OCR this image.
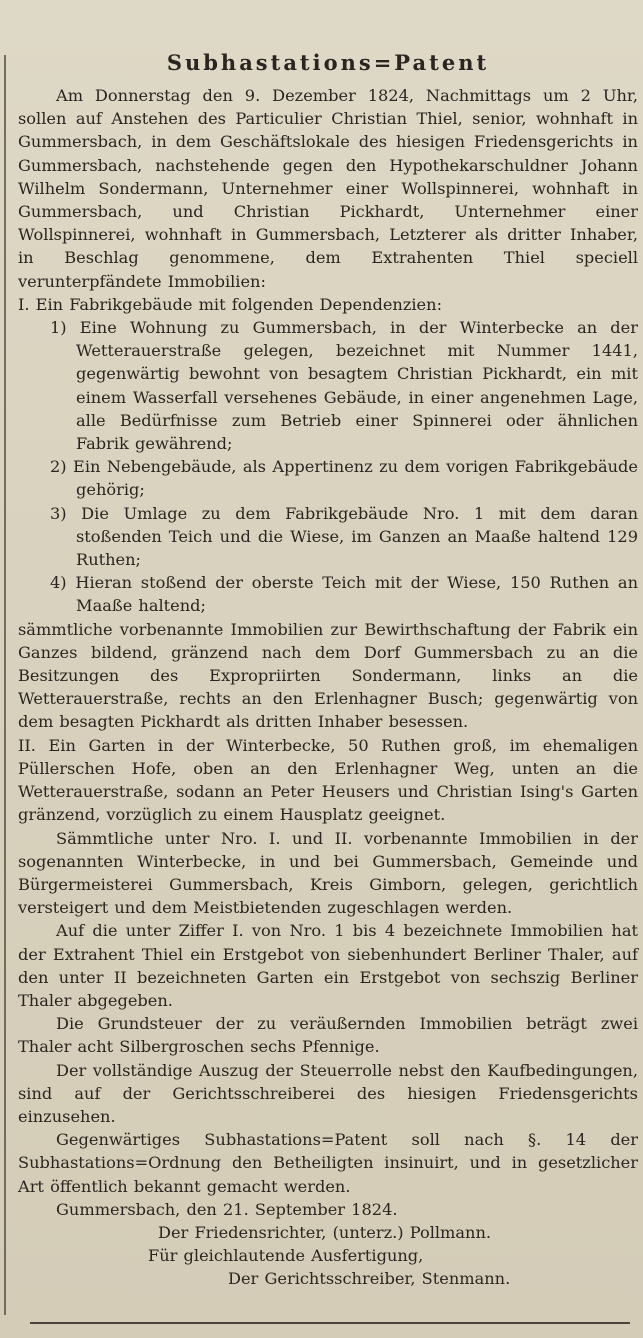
Subhastations=Patent

Am Donnerstag den 9. Dezember 1824, Nachmittags um 2 Uhr, sollen auf Anstehen des Particulier Christian Thiel, senior, wohnhaft in Gummersbach, in dem Geschäftslokale des hiesigen Friedensgerichts in Gummersbach, nachstehende gegen den Hypothekarschuldner Johann Wilhelm Sondermann, Unternehmer einer Wollspinnerei, wohnhaft in Gummersbach, und Christian Pickhardt, Unternehmer einer Wollspinnerei, wohnhaft in Gummersbach, Letzterer als dritter Inhaber, in Beschlag genommene, dem Extrahenten Thiel speciell verunterpfändete Immobilien:

I. Ein Fabrikgebäude mit folgenden Dependenzien:

1) Eine Wohnung zu Gummersbach, in der Winterbecke an der Wetterauerstraße gelegen, bezeichnet mit Nummer 1441, gegenwärtig bewohnt von besagtem Christian Pickhardt, ein mit einem Wasserfall versehenes Gebäude, in einer angenehmen Lage, alle Bedürfnisse zum Betrieb einer Spinnerei oder ähnlichen Fabrik gewährend;

2) Ein Nebengebäude, als Appertinenz zu dem vorigen Fabrikgebäude gehörig;

3) Die Umlage zu dem Fabrikgebäude Nro. 1 mit dem daran stoßenden Teich und die Wiese, im Ganzen an Maaße haltend 129 Ruthen;

4) Hieran stoßend der oberste Teich mit der Wiese, 150 Ruthen an Maaße haltend;

sämmtliche vorbenannte Immobilien zur Bewirthschaftung der Fabrik ein Ganzes bildend, gränzend nach dem Dorf Gummersbach zu an die Besitzungen des Expropriirten Sondermann, links an die Wetterauerstraße, rechts an den Erlenhagner Busch; gegenwärtig von dem besagten Pickhardt als dritten Inhaber besessen.

II. Ein Garten in der Winterbecke, 50 Ruthen groß, im ehemaligen Püllerschen Hofe, oben an den Erlenhagner Weg, unten an die Wetterauerstraße, sodann an Peter Heusers und Christian Ising's Garten gränzend, vorzüglich zu einem Hausplatz geeignet.

Sämmtliche unter Nro. I. und II. vorbenannte Immobilien in der sogenannten Winterbecke, in und bei Gummersbach, Gemeinde und Bürgermeisterei Gummersbach, Kreis Gimborn, gelegen, gerichtlich versteigert und dem Meistbietenden zugeschlagen werden.

Auf die unter Ziffer I. von Nro. 1 bis 4 bezeichnete Immobilien hat der Extrahent Thiel ein Erstgebot von siebenhundert Berliner Thaler, auf den unter II bezeichneten Garten ein Erstgebot von sechszig Berliner Thaler abgegeben.

Die Grundsteuer der zu veräußernden Immobilien beträgt zwei Thaler acht Silbergroschen sechs Pfennige.

Der vollständige Auszug der Steuerrolle nebst den Kaufbedingungen, sind auf der Gerichtsschreiberei des hiesigen Friedensgerichts einzusehen.

Gegenwärtiges Subhastations=Patent soll nach §. 14 der Subhastations=Ordnung den Betheiligten insinuirt, und in gesetzlicher Art öffentlich bekannt gemacht werden.

Gummersbach, den 21. September 1824.

Der Friedensrichter, (unterz.) Pollmann.

Für gleichlautende Ausfertigung,

Der Gerichtsschreiber, Stenmann.
